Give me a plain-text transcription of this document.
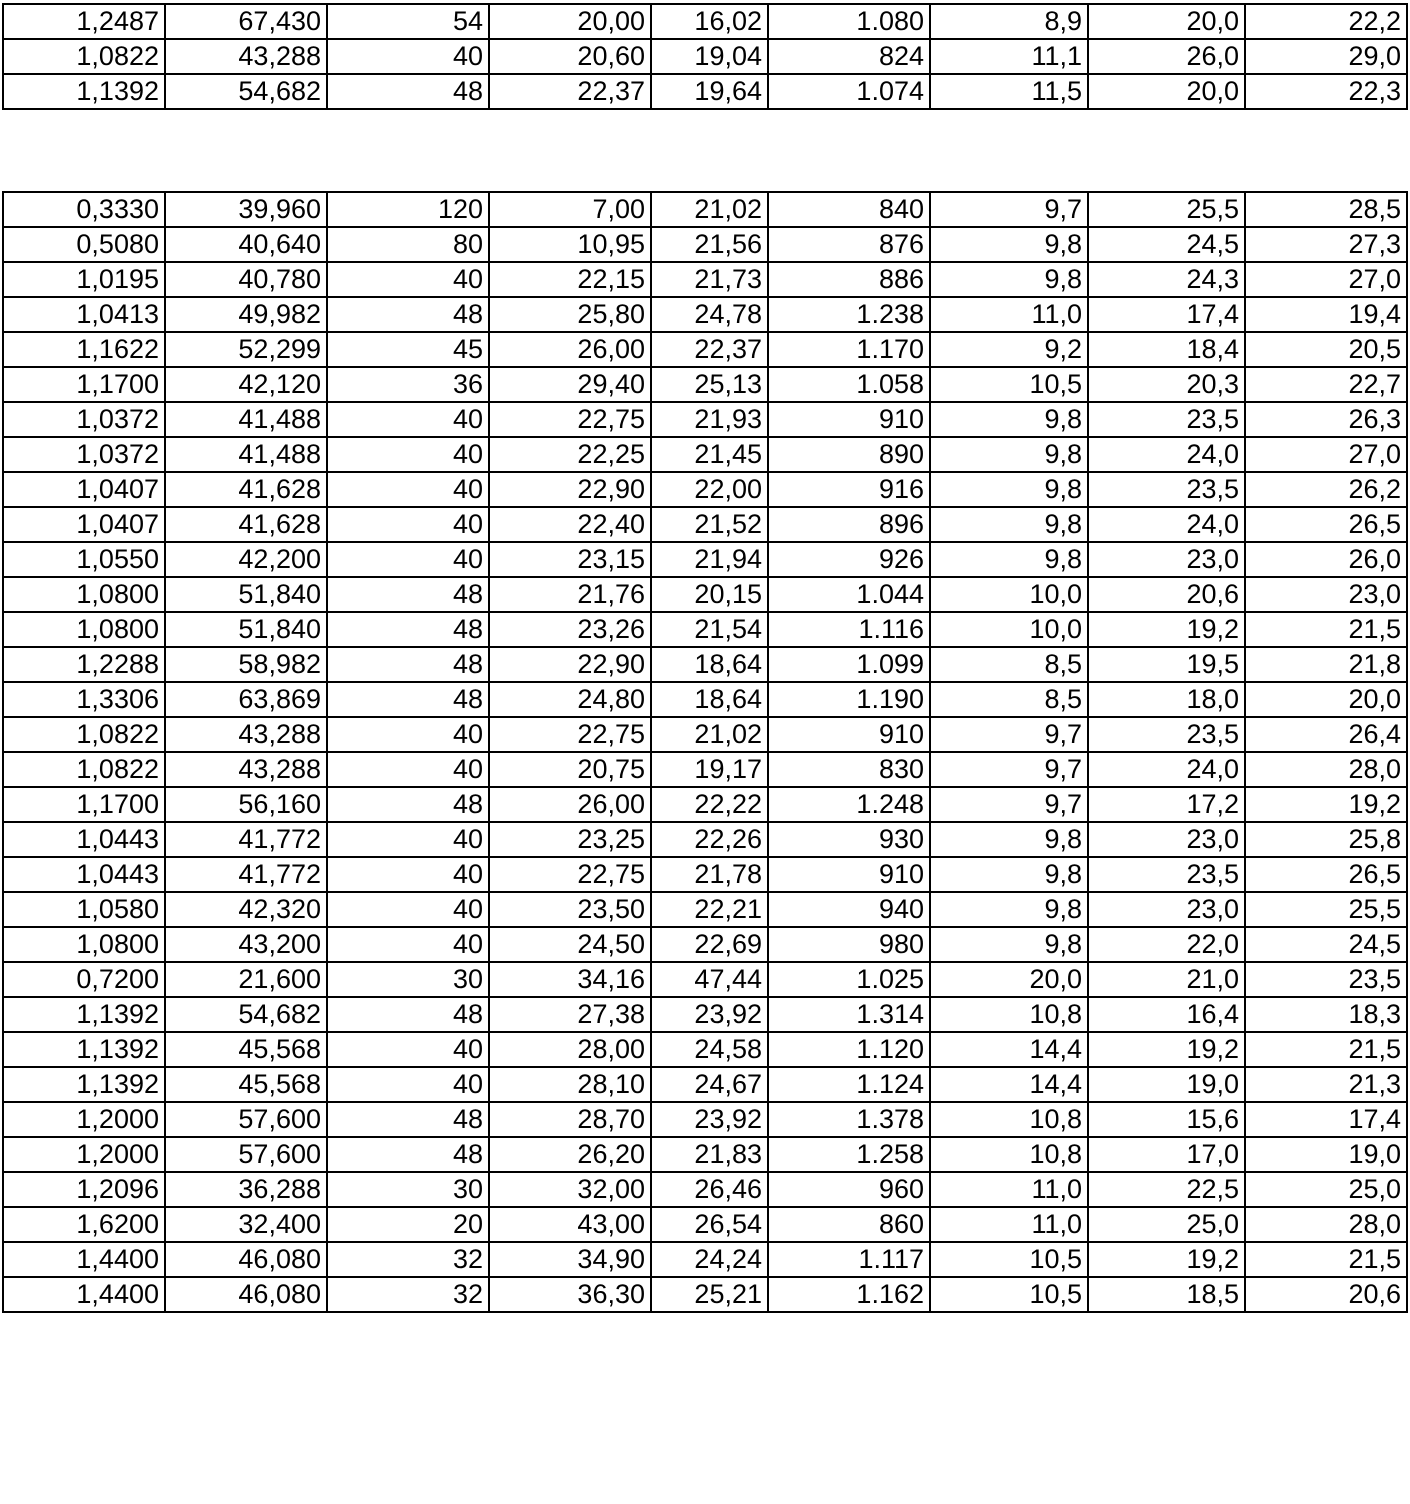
1,2487	67,430	54	20,00	16,02	1.080	8,9	20,0	22,2
1,0822	43,288	40	20,60	19,04	824	11,1	26,0	29,0
1,1392	54,682	48	22,37	19,64	1.074	11,5	20,0	22,3
0,3330	39,960	120	7,00	21,02	840	9,7	25,5	28,5
0,5080	40,640	80	10,95	21,56	876	9,8	24,5	27,3
1,0195	40,780	40	22,15	21,73	886	9,8	24,3	27,0
1,0413	49,982	48	25,80	24,78	1.238	11,0	17,4	19,4
1,1622	52,299	45	26,00	22,37	1.170	9,2	18,4	20,5
1,1700	42,120	36	29,40	25,13	1.058	10,5	20,3	22,7
1,0372	41,488	40	22,75	21,93	910	9,8	23,5	26,3
1,0372	41,488	40	22,25	21,45	890	9,8	24,0	27,0
1,0407	41,628	40	22,90	22,00	916	9,8	23,5	26,2
1,0407	41,628	40	22,40	21,52	896	9,8	24,0	26,5
1,0550	42,200	40	23,15	21,94	926	9,8	23,0	26,0
1,0800	51,840	48	21,76	20,15	1.044	10,0	20,6	23,0
1,0800	51,840	48	23,26	21,54	1.116	10,0	19,2	21,5
1,2288	58,982	48	22,90	18,64	1.099	8,5	19,5	21,8
1,3306	63,869	48	24,80	18,64	1.190	8,5	18,0	20,0
1,0822	43,288	40	22,75	21,02	910	9,7	23,5	26,4
1,0822	43,288	40	20,75	19,17	830	9,7	24,0	28,0
1,1700	56,160	48	26,00	22,22	1.248	9,7	17,2	19,2
1,0443	41,772	40	23,25	22,26	930	9,8	23,0	25,8
1,0443	41,772	40	22,75	21,78	910	9,8	23,5	26,5
1,0580	42,320	40	23,50	22,21	940	9,8	23,0	25,5
1,0800	43,200	40	24,50	22,69	980	9,8	22,0	24,5
0,7200	21,600	30	34,16	47,44	1.025	20,0	21,0	23,5
1,1392	54,682	48	27,38	23,92	1.314	10,8	16,4	18,3
1,1392	45,568	40	28,00	24,58	1.120	14,4	19,2	21,5
1,1392	45,568	40	28,10	24,67	1.124	14,4	19,0	21,3
1,2000	57,600	48	28,70	23,92	1.378	10,8	15,6	17,4
1,2000	57,600	48	26,20	21,83	1.258	10,8	17,0	19,0
1,2096	36,288	30	32,00	26,46	960	11,0	22,5	25,0
1,6200	32,400	20	43,00	26,54	860	11,0	25,0	28,0
1,4400	46,080	32	34,90	24,24	1.117	10,5	19,2	21,5
1,4400	46,080	32	36,30	25,21	1.162	10,5	18,5	20,6
